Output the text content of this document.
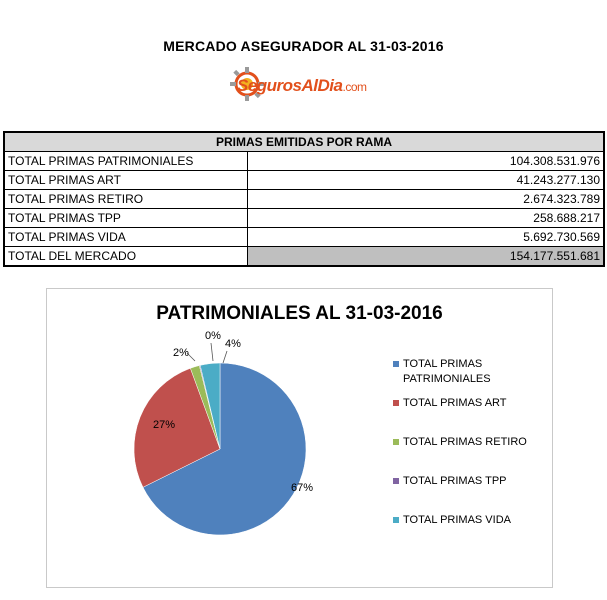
MERCADO ASEGURADOR AL 31-03-2016
SegurosAlDia.com
PRIMAS EMITIDAS POR RAMA	
TOTAL PRIMAS PATRIMONIALES	104.308.531.976
TOTAL PRIMAS ART	41.243.277.130
TOTAL PRIMAS RETIRO	2.674.323.789
TOTAL PRIMAS TPP	258.688.217
TOTAL PRIMAS VIDA	5.692.730.569
TOTAL DEL MERCADO	154.177.551.681
PATRIMONIALES AL 31-03-2016
67%
27%
2%
0%
4%
TOTAL PRIMAS
PATRIMONIALES
TOTAL PRIMAS ART
TOTAL PRIMAS RETIRO
TOTAL PRIMAS TPP
TOTAL PRIMAS VIDA
